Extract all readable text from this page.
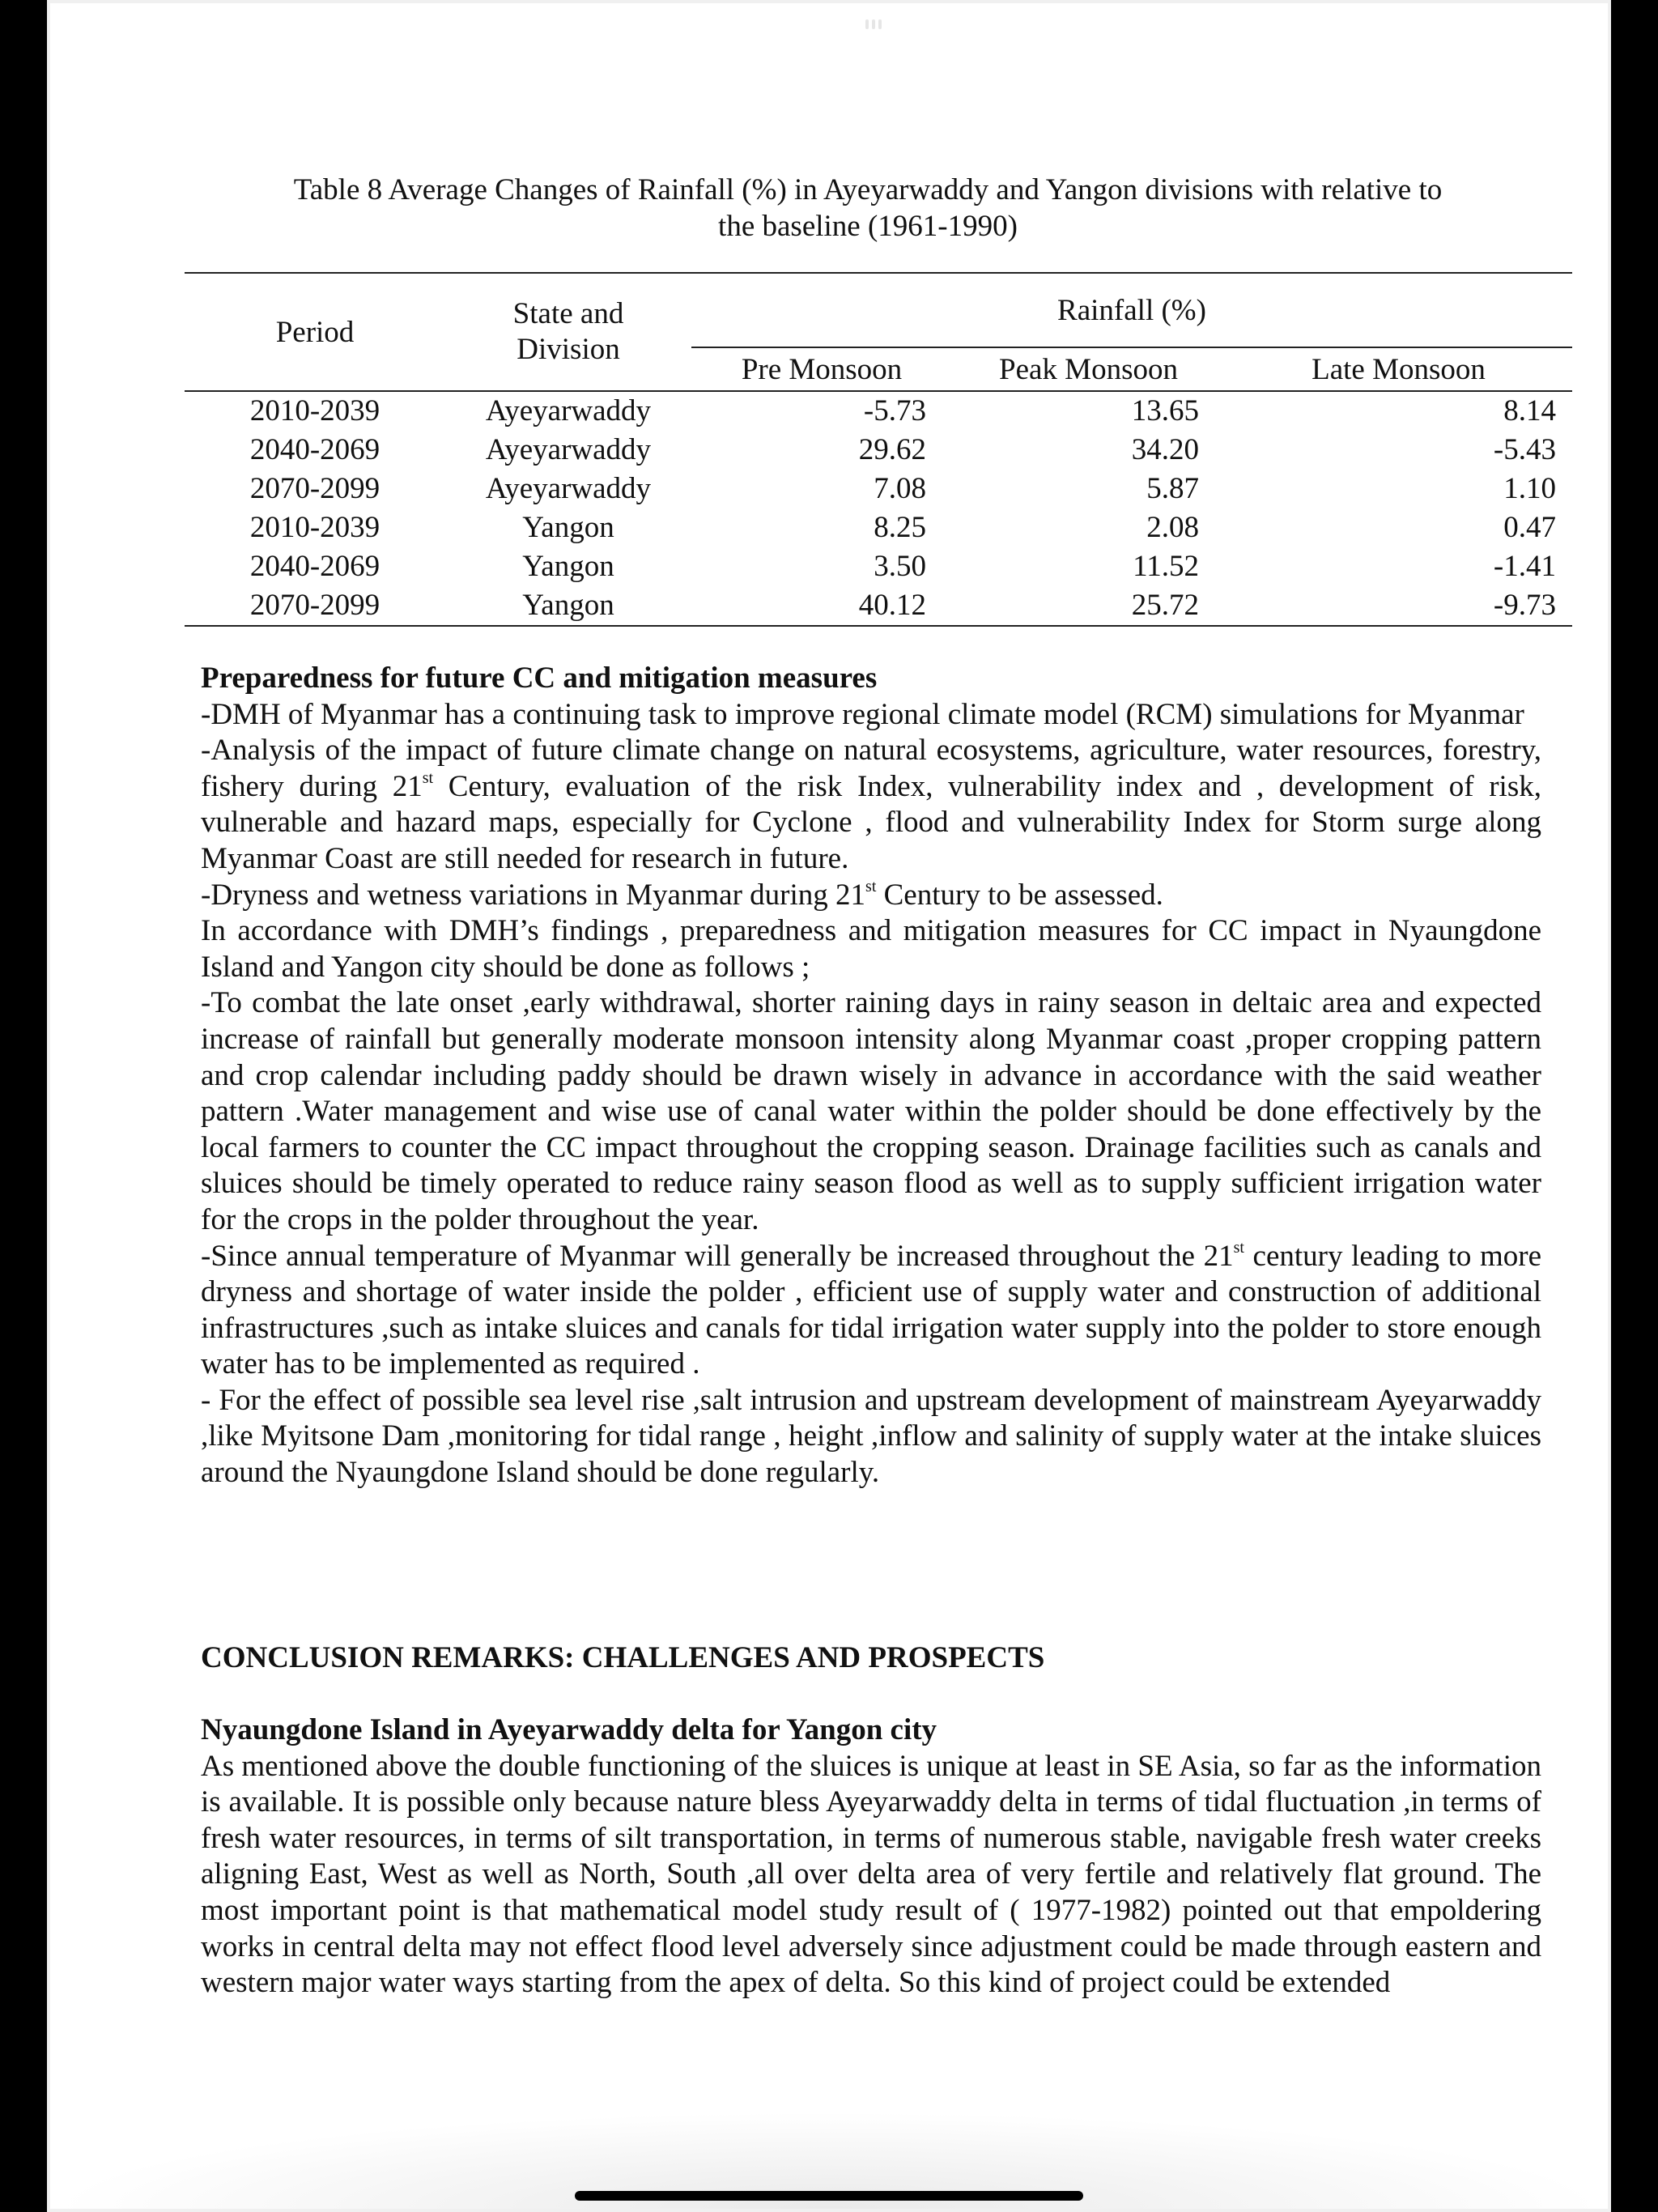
Table 8 Average Changes of Rainfall (%) in Ayeyarwaddy and Yangon divisions with relative to
the baseline (1961-1990)
Period	State and
Division	Rainfall (%)		
		Pre Monsoon	Peak Monsoon	Late Monsoon
2010-2039	Ayeyarwaddy	-5.73	13.65	8.14
2040-2069	Ayeyarwaddy	29.62	34.20	-5.43
2070-2099	Ayeyarwaddy	7.08	5.87	1.10
2010-2039	Yangon	8.25	2.08	0.47
2040-2069	Yangon	3.50	11.52	-1.41
2070-2099	Yangon	40.12	25.72	-9.73

Preparedness for future CC and mitigation measures

-DMH of Myanmar has a continuing task to improve regional climate model (RCM) simulations for Myanmar

-Analysis of the impact of future climate change on natural ecosystems, agriculture, water resources, forestry, fishery during 21st Century, evaluation of the risk Index, vulnerability index and , development of risk, vulnerable and hazard maps, especially for Cyclone , flood and vulnerability Index for Storm surge along Myanmar Coast are still needed for research in future.

-Dryness and wetness variations in Myanmar during 21st Century to be assessed.

In accordance with DMH’s findings , preparedness and mitigation measures for CC impact in Nyaungdone Island and Yangon city should be done as follows ;

-To combat the late onset ,early withdrawal, shorter raining days in rainy season in deltaic area and expected increase of rainfall but generally moderate monsoon intensity along Myanmar coast ,proper cropping pattern and crop calendar including paddy should be drawn wisely in advance in accordance with the said weather pattern .Water management and wise use of canal water within the polder should be done effectively by the local farmers to counter the CC impact throughout the cropping season. Drainage facilities such as canals and sluices should be timely operated to reduce rainy season flood as well as to supply sufficient irrigation water for the crops in the polder throughout the year.

-Since annual temperature of Myanmar will generally be increased throughout the 21st century leading to more dryness and shortage of water inside the polder , efficient use of supply water and construction of additional infrastructures ,such as intake sluices and canals for tidal irrigation water supply into the polder to store enough water has to be implemented as required .

- For the effect of possible sea level rise ,salt intrusion and upstream development of mainstream Ayeyarwaddy ,like Myitsone Dam ,monitoring for tidal range , height ,inflow and salinity of supply water at the intake sluices around the Nyaungdone Island should be done regularly.

CONCLUSION REMARKS: CHALLENGES AND PROSPECTS

Nyaungdone Island in Ayeyarwaddy delta for Yangon city

As mentioned above the double functioning of the sluices is unique at least in SE Asia, so far as the information is available. It is possible only because nature bless Ayeyarwaddy delta in terms of tidal fluctuation ,in terms of fresh water resources, in terms of silt transportation, in terms of numerous stable, navigable fresh water creeks aligning East, West as well as North, South ,all over delta area of very fertile and relatively flat ground. The most important point is that mathematical model study result of ( 1977-1982) pointed out that empoldering works in central delta may not effect flood level adversely since adjustment could be made through eastern and western major water ways starting from the apex of delta. So this kind of project could be extended
